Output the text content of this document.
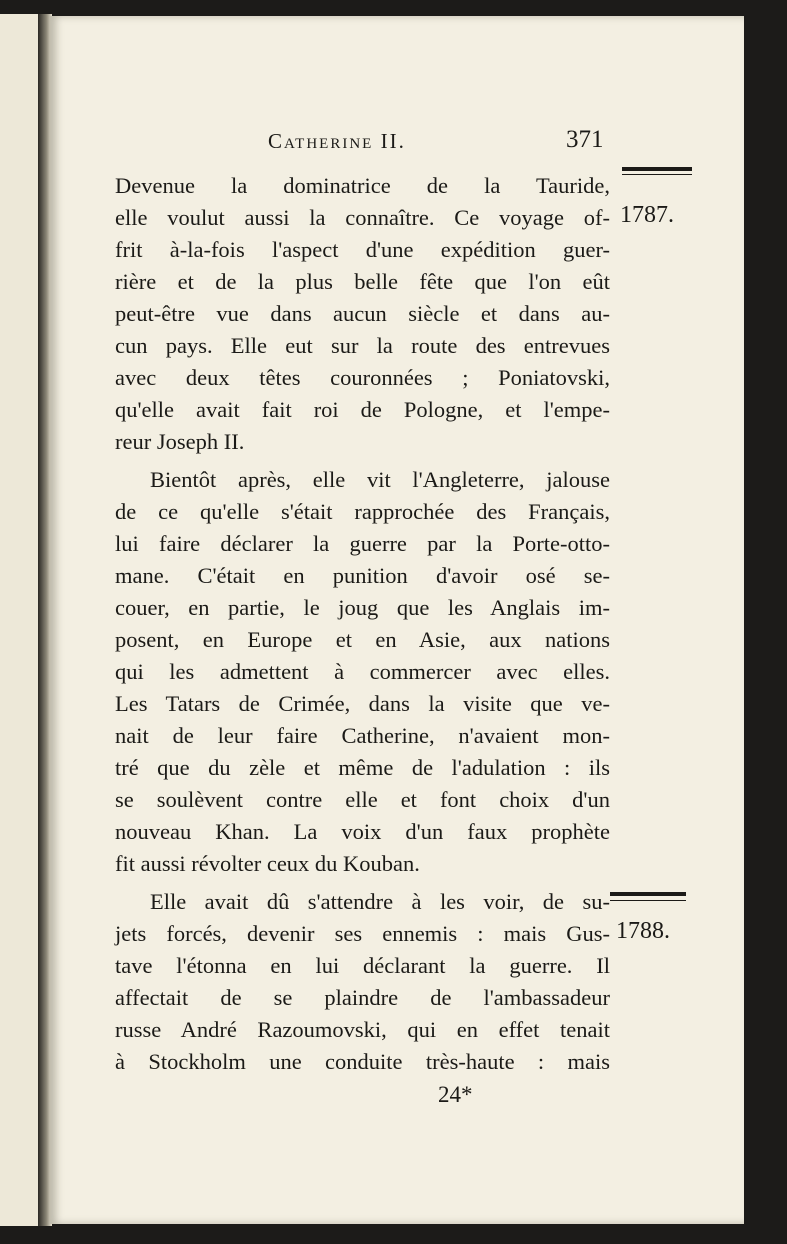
Catherine II.	371
Devenue la dominatrice de la Tauride,
elle voulut aussi la connaître. Ce voyage of-
frit à-la-fois l'aspect d'une expédition guer-
rière et de la plus belle fête que l'on eût
peut-être vue dans aucun siècle et dans au-
cun pays. Elle eut sur la route des entrevues
avec deux têtes couronnées ; Poniatovski,
qu'elle avait fait roi de Pologne, et l'empe-
reur Joseph II.
Bientôt après, elle vit l'Angleterre, jalouse
de ce qu'elle s'était rapprochée des Français,
lui faire déclarer la guerre par la Porte-otto-
mane. C'était en punition d'avoir osé se-
couer, en partie, le joug que les Anglais im-
posent, en Europe et en Asie, aux nations
qui les admettent à commercer avec elles.
Les Tatars de Crimée, dans la visite que ve-
nait de leur faire Catherine, n'avaient mon-
tré que du zèle et même de l'adulation : ils
se soulèvent contre elle et font choix d'un
nouveau Khan. La voix d'un faux prophète
fit aussi révolter ceux du Kouban.
Elle avait dû s'attendre à les voir, de su-
jets forcés, devenir ses ennemis : mais Gus-
tave l'étonna en lui déclarant la guerre. Il
affectait de se plaindre de l'ambassadeur
russe André Razoumovski, qui en effet tenait
à Stockholm une conduite très-haute : mais
1787.
1788.
24*
